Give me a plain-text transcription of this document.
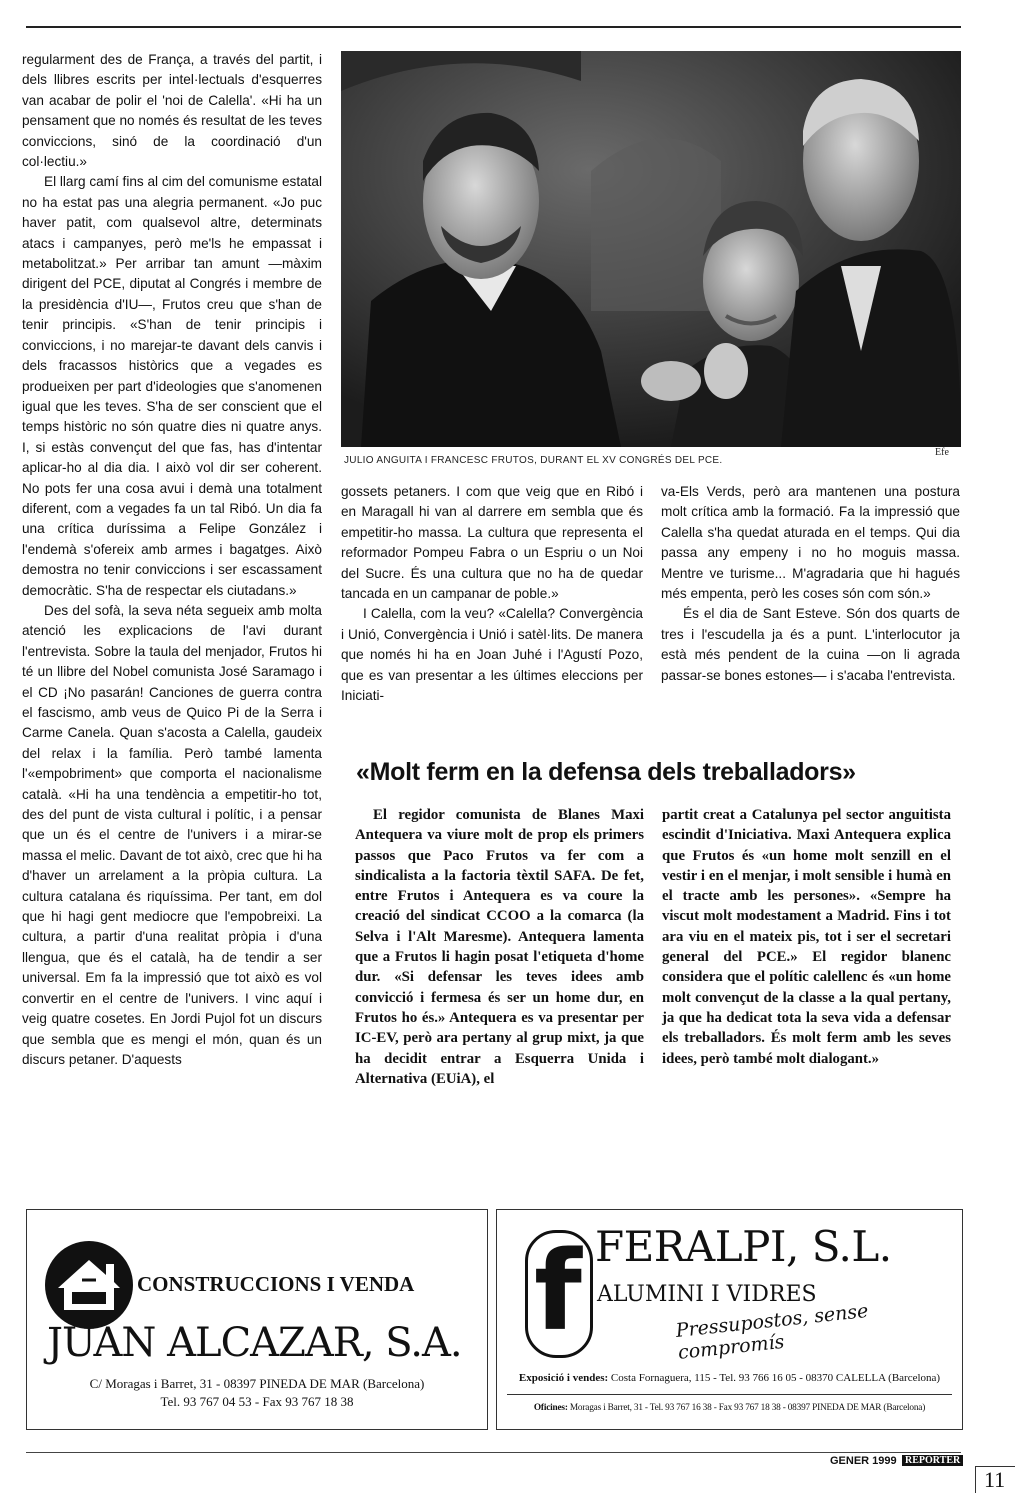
regularment des de França, a través del partit, i dels llibres escrits per intel·lectuals d'esquerres van acabar de polir el 'noi de Calella'. «Hi ha un pensament que no només és resultat de les teves conviccions, sinó de la coordinació d'un col·lectiu.»

El llarg camí fins al cim del comunisme estatal no ha estat pas una alegria permanent. «Jo puc haver patit, com qualsevol altre, determinats atacs i campanyes, però me'ls he empassat i metabolitzat.» Per arribar tan amunt —màxim dirigent del PCE, diputat al Congrés i membre de la presidència d'IU—, Frutos creu que s'han de tenir principis. «S'han de tenir principis i conviccions, i no marejar-te davant dels canvis i dels fracassos històrics que a vegades es produeixen per part d'ideologies que s'anomenen igual que les teves. S'ha de ser conscient que el temps històric no són quatre dies ni quatre anys. I, si estàs convençut del que fas, has d'intentar aplicar-ho al dia dia. I això vol dir ser coherent. No pots fer una cosa avui i demà una totalment diferent, com a vegades fa un tal Ribó. Un dia fa una crítica duríssima a Felipe González i l'endemà s'ofereix amb armes i bagatges. Això demostra no tenir conviccions i ser escassament democràtic. S'ha de respectar els ciutadans.»

Des del sofà, la seva néta segueix amb molta atenció les explicacions de l'avi durant l'entrevista. Sobre la taula del menjador, Frutos hi té un llibre del Nobel comunista José Saramago i el CD ¡No pasarán! Canciones de guerra contra el fascismo, amb veus de Quico Pi de la Serra i Carme Canela. Quan s'acosta a Calella, gaudeix del relax i la família. Però també lamenta l'«empobriment» que comporta el nacionalisme català. «Hi ha una tendència a empetitir-ho tot, des del punt de vista cultural i polític, i a pensar que un és el centre de l'univers i a mirar-se massa el melic. Davant de tot això, crec que hi ha d'haver un arrelament a la pròpia cultura. La cultura catalana és riquíssima. Per tant, em dol que hi hagi gent mediocre que l'empobreixi. La cultura, a partir d'una realitat pròpia i d'una llengua, que és el català, ha de tendir a ser universal. Em fa la impressió que tot això es vol convertir en el centre de l'univers. I vinc aquí i veig quatre cosetes. En Jordi Pujol fot un discurs que sembla que es mengi el món, quan és un discurs petaner. D'aquests

JULIO ANGUITA I FRANCESC FRUTOS, DURANT EL XV CONGRÉS DEL PCE.
Efe

gossets petaners. I com que veig que en Ribó i en Maragall hi van al darrere em sembla que és empetitir-ho massa. La cultura que representa el reformador Pompeu Fabra o un Espriu o un Noi del Sucre. És una cultura que no ha de quedar tancada en un campanar de poble.»

I Calella, com la veu? «Calella? Convergència i Unió, Convergència i Unió i satèl·lits. De manera que només hi ha en Joan Juhé i l'Agustí Pozo, que es van presentar a les últimes eleccions per Iniciati-

va-Els Verds, però ara mantenen una postura molt crítica amb la formació. Fa la impressió que Calella s'ha quedat aturada en el temps. Qui dia passa any empeny i no ho moguis massa. Mentre ve turisme... M'agradaria que hi hagués més empenta, però les coses són com són.»

És el dia de Sant Esteve. Són dos quarts de tres i l'escudella ja és a punt. L'interlocutor ja està més pendent de la cuina —on li agrada passar-se bones estones— i s'acaba l'entrevista.

«Molt ferm en la defensa dels treballadors»

El regidor comunista de Blanes Maxi Antequera va viure molt de prop els primers passos que Paco Frutos va fer com a sindicalista a la factoria tèxtil SAFA. De fet, entre Frutos i Antequera es va coure la creació del sindicat CCOO a la comarca (la Selva i l'Alt Maresme). Antequera lamenta que a Frutos li hagin posat l'etiqueta d'home dur. «Si defensar les teves idees amb convicció i fermesa és ser un home dur, en Frutos ho és.» Antequera es va presentar per IC-EV, però ara pertany al grup mixt, ja que ha decidit entrar a Esquerra Unida i Alternativa (EUiA), el

partit creat a Catalunya pel sector anguitista escindit d'Iniciativa. Maxi Antequera explica que Frutos és «un home molt senzill en el vestir i en el menjar, i molt sensible i humà en el tracte amb les persones». «Sempre ha viscut molt modestament a Madrid. Fins i tot ara viu en el mateix pis, tot i ser el secretari general del PCE.» El regidor blanenc considera que el polític calellenc és «un home molt convençut de la classe a la qual pertany, ja que ha dedicat tota la seva vida a defensar els treballadors. És molt ferm amb les seves idees, però també molt dialogant.»

CONSTRUCCIONS I VENDA
JUAN ALCAZAR, S.A.
C/ Moragas i Barret, 31 - 08397 PINEDA DE MAR (Barcelona)
Tel. 93 767 04 53 - Fax 93 767 18 38
f FERALPI, S.L.
ALUMINI I VIDRES
Pressupostos, sense compromís
Exposició i vendes: Costa Fornaguera, 115 - Tel. 93 766 16 05 - 08370 CALELLA (Barcelona)
Oficines: Moragas i Barret, 31 - Tel. 93 767 16 38 - Fax 93 767 18 38 - 08397 PINEDA DE MAR (Barcelona)
GENER 1999 REPÒRTER
11
